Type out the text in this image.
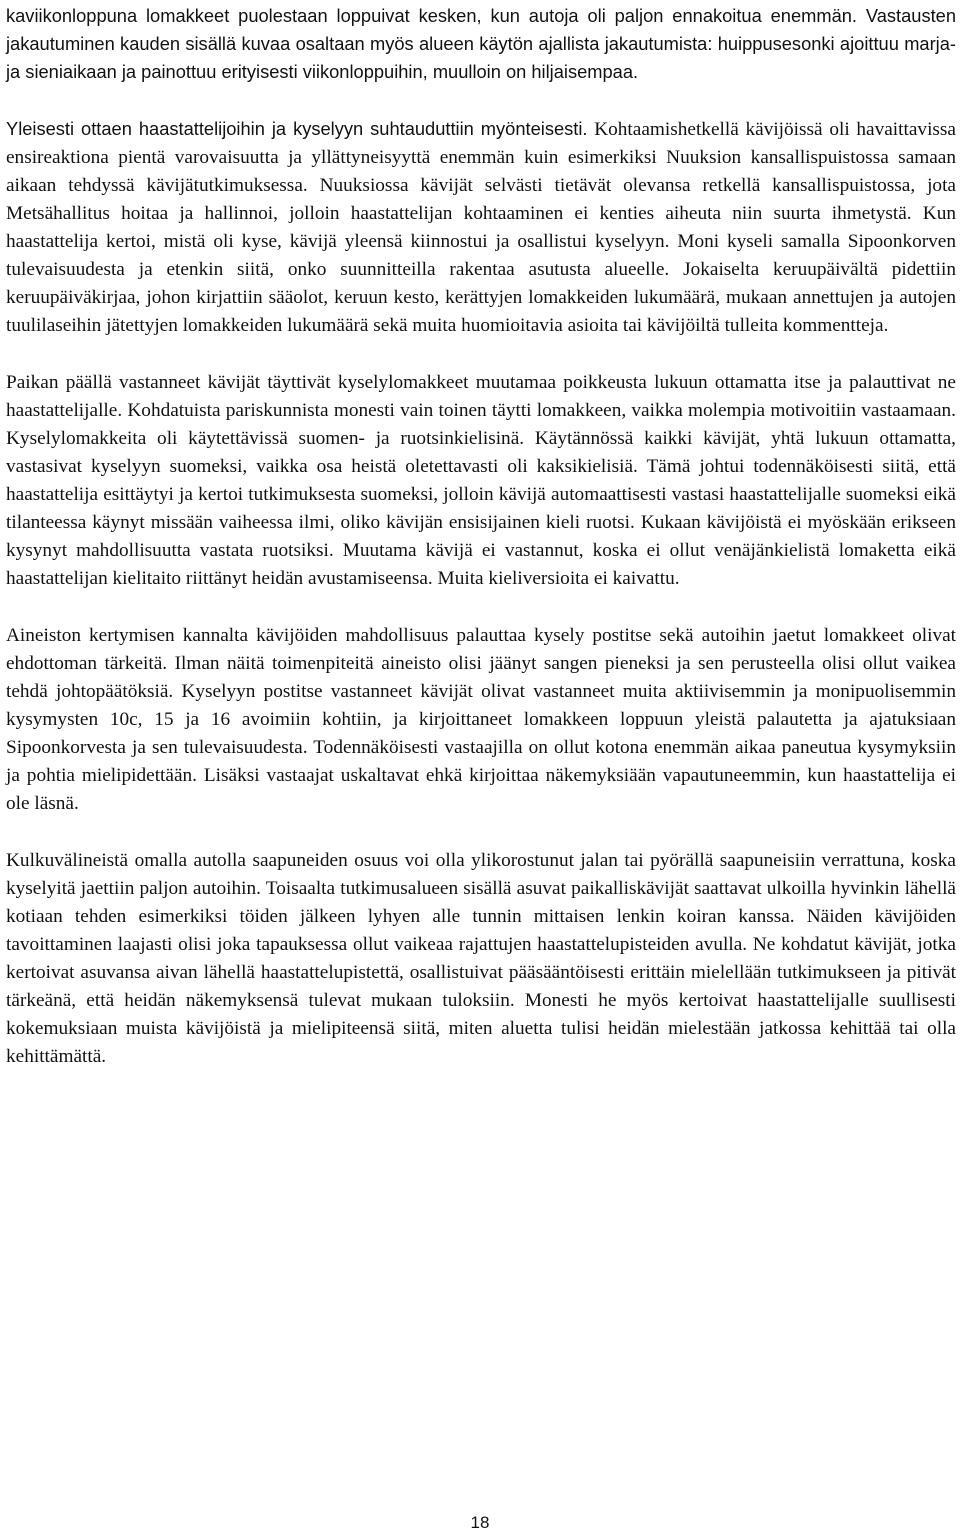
kaviikonloppuna lomakkeet puolestaan loppuivat kesken, kun autoja oli paljon ennakoitua enemmän. Vastausten jakautuminen kauden sisällä kuvaa osaltaan myös alueen käytön ajallista jakautumista: huippusesonki ajoittuu marja- ja sieniaikaan ja painottuu erityisesti viikonloppuihin, muulloin on hiljaisempaa.

Yleisesti ottaen haastattelijoihin ja kyselyyn suhtauduttiin myönteisesti. Kohtaamishetkellä kävijöissä oli havaittavissa ensireaktiona pientä varovaisuutta ja yllättyneisyyttä enemmän kuin esimerkiksi Nuuksion kansallispuistossa samaan aikaan tehdyssä kävijätutkimuksessa. Nuuksiossa kävijät selvästi tietävät olevansa retkellä kansallispuistossa, jota Metsähallitus hoitaa ja hallinnoi, jolloin haastattelijan kohtaaminen ei kenties aiheuta niin suurta ihmetystä. Kun haastattelija kertoi, mistä oli kyse, kävijä yleensä kiinnostui ja osallistui kyselyyn. Moni kyseli samalla Sipoonkorven tulevaisuudesta ja etenkin siitä, onko suunnitteilla rakentaa asutusta alueelle. Jokaiselta keruupäivältä pidettiin keruupäiväkirjaa, johon kirjattiin sääolot, keruun kesto, kerättyjen lomakkeiden lukumäärä, mukaan annettujen ja autojen tuulilaseihin jätettyjen lomakkeiden lukumäärä sekä muita huomioitavia asioita tai kävijöiltä tulleita kommentteja.

Paikan päällä vastanneet kävijät täyttivät kyselylomakkeet muutamaa poikkeusta lukuun ottamatta itse ja palauttivat ne haastattelijalle. Kohdatuista pariskunnista monesti vain toinen täytti lomakkeen, vaikka molempia motivoitiin vastaamaan. Kyselylomakkeita oli käytettävissä suomen- ja ruotsinkielisinä. Käytännössä kaikki kävijät, yhtä lukuun ottamatta, vastasivat kyselyyn suomeksi, vaikka osa heistä oletettavasti oli kaksikielisiä. Tämä johtui todennäköisesti siitä, että haastattelija esittäytyi ja kertoi tutkimuksesta suomeksi, jolloin kävijä automaattisesti vastasi haastattelijalle suomeksi eikä tilanteessa käynyt missään vaiheessa ilmi, oliko kävijän ensisijainen kieli ruotsi. Kukaan kävijöistä ei myöskään erikseen kysynyt mahdollisuutta vastata ruotsiksi. Muutama kävijä ei vastannut, koska ei ollut venäjänkielistä lomaketta eikä haastattelijan kielitaito riittänyt heidän avustamiseensa. Muita kieliversioita ei kaivattu.

Aineiston kertymisen kannalta kävijöiden mahdollisuus palauttaa kysely postitse sekä autoihin jaetut lomakkeet olivat ehdottoman tärkeitä. Ilman näitä toimenpiteitä aineisto olisi jäänyt sangen pieneksi ja sen perusteella olisi ollut vaikea tehdä johtopäätöksiä. Kyselyyn postitse vastanneet kävijät olivat vastanneet muita aktiivisemmin ja monipuolisemmin kysymysten 10c, 15 ja 16 avoimiin kohtiin, ja kirjoittaneet lomakkeen loppuun yleistä palautetta ja ajatuksiaan Sipoonkorvesta ja sen tulevaisuudesta. Todennäköisesti vastaajilla on ollut kotona enemmän aikaa paneutua kysymyksiin ja pohtia mielipidettään. Lisäksi vastaajat uskaltavat ehkä kirjoittaa näkemyksiään vapautuneemmin, kun haastattelija ei ole läsnä.

Kulkuvälineistä omalla autolla saapuneiden osuus voi olla ylikorostunut jalan tai pyörällä saapuneisiin verrattuna, koska kyselyitä jaettiin paljon autoihin. Toisaalta tutkimusalueen sisällä asuvat paikalliskävijät saattavat ulkoilla hyvinkin lähellä kotiaan tehden esimerkiksi töiden jälkeen lyhyen alle tunnin mittaisen lenkin koiran kanssa. Näiden kävijöiden tavoittaminen laajasti olisi joka tapauksessa ollut vaikeaa rajattujen haastattelupisteiden avulla. Ne kohdatut kävijät, jotka kertoivat asuvansa aivan lähellä haastattelupistettä, osallistuivat pääsääntöisesti erittäin mielellään tutkimukseen ja pitivät tärkeänä, että heidän näkemyksensä tulevat mukaan tuloksiin. Monesti he myös kertoivat haastattelijalle suullisesti kokemuksiaan muista kävijöistä ja mielipiteensä siitä, miten aluetta tulisi heidän mielestään jatkossa kehittää tai olla kehittämättä.

18
